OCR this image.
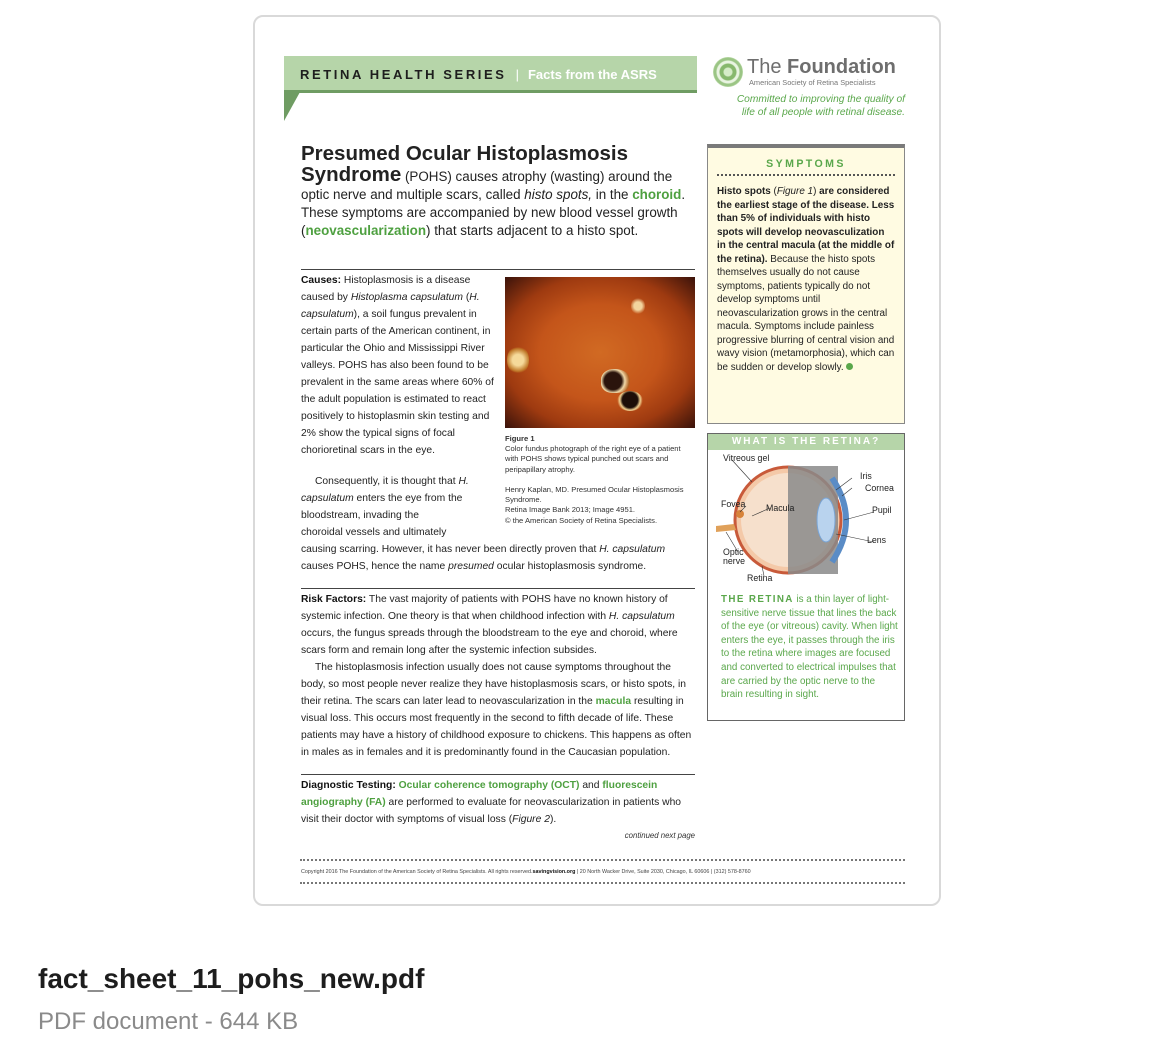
RETINA HEALTH SERIES | Facts from the ASRS	The Foundation
American Society of Retina Specialists
Committed to improving the quality of life of all people with retinal disease.
Presumed Ocular Histoplasmosis Syndrome (POHS) causes atrophy (wasting) around the optic nerve and multiple scars, called histo spots, in the choroid. These symptoms are accompanied by new blood vessel growth (neovascularization) that starts adjacent to a histo spot.

Causes: Histoplasmosis is a disease caused by Histoplasma capsulatum (H. capsulatum), a soil fungus prevalent in certain parts of the American continent, in particular the Ohio and Mississippi River valleys. POHS has also been found to be prevalent in the same areas where 60% of the adult population is estimated to react positively to histoplasmin skin testing and 2% show the typical signs of focal chorioretinal scars in the eye.

Consequently, it is thought that H. capsulatum enters the eye from the bloodstream, invading the

choroidal vessels and ultimately

causing scarring. However, it has never been directly proven that H. capsulatum
causes POHS, hence the name presumed ocular histoplasmosis syndrome.

Figure 1
Color fundus photograph of the right eye of a patient with POHS shows typical punched out scars and peripapillary atrophy.
Henry Kaplan, MD. Presumed Ocular Histoplasmosis Syndrome.
Retina Image Bank 2013; Image 4951.
© the American Society of Retina Specialists.

Risk Factors: The vast majority of patients with POHS have no known history of systemic infection. One theory is that when childhood infection with H. capsulatum occurs, the fungus spreads through the bloodstream to the eye and choroid, where scars form and remain long after the systemic infection subsides.

The histoplasmosis infection usually does not cause symptoms throughout the body, so most people never realize they have histoplasmosis scars, or histo spots, in their retina. The scars can later lead to neovascularization in the macula resulting in visual loss. This occurs most frequently in the second to fifth decade of life. These patients may have a history of childhood exposure to chickens. This happens as often in males as in females and it is predominantly found in the Caucasian population.

Diagnostic Testing: Ocular coherence tomography (OCT) and fluorescein angiography (FA) are performed to evaluate for neovascularization in patients who visit their doctor with symptoms of visual loss (Figure 2).

continued next page
SYMPTOMS
Histo spots (Figure 1) are considered the earliest stage of the disease. Less than 5% of individuals with histo spots will develop neovasculization in the central macula (at the middle of the retina). Because the histo spots themselves usually do not cause symptoms, patients typically do not develop symptoms until neovascularization grows in the central macula. Symptoms include painless progressive blurring of central vision and wavy vision (metamorphosia), which can be sudden or develop slowly.
WHAT IS THE RETINA?
Vitreous gel
Iris
Cornea
Fovea Macula	Pupil
Lens
Optic
nerve
Retina
THE RETINA is a thin layer of light-sensitive nerve tissue that lines the back of the eye (or vitreous) cavity. When light enters the eye, it passes through the iris to the retina where images are focused and converted to electrical impulses that are carried by the optic nerve to the brain resulting in sight.
Copyright 2016 The Foundation of the American Society of Retina Specialists. All rights reserved.savingvision.org | 20 North Wacker Drive, Suite 2030, Chicago, IL 60606 | (312) 578-8760
fact_sheet_11_pohs_new.pdf
PDF document - 644 KB
